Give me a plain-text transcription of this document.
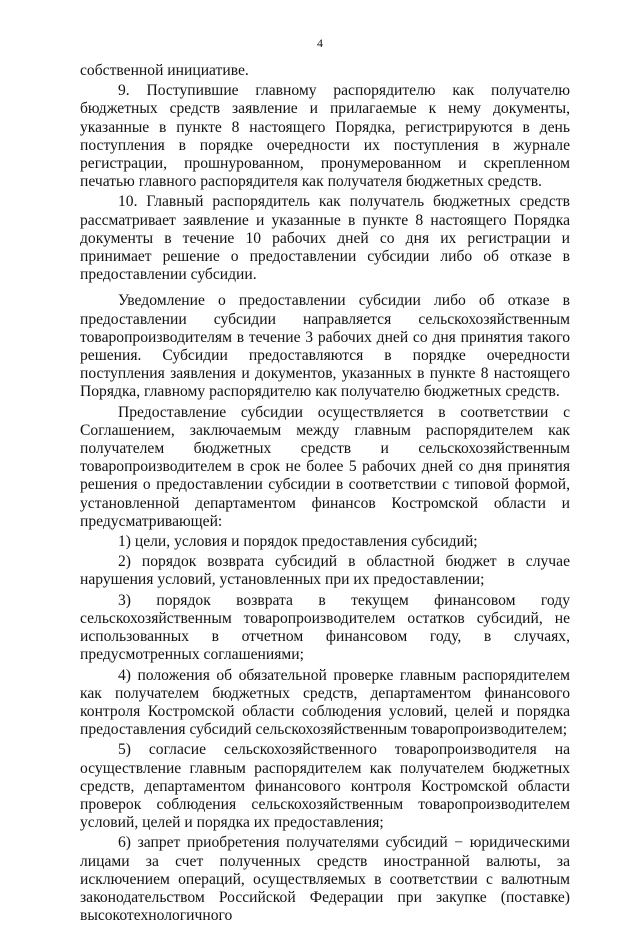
4

собственной инициативе.

9. Поступившие главному распорядителю как получателю бюджетных средств заявление и прилагаемые к нему документы, указанные в пункте 8 настоящего Порядка, регистрируются в день поступления в порядке очередности их поступления в журнале регистрации, прошнурованном, пронумерованном и скрепленном печатью главного распорядителя как получателя бюджетных средств.

10. Главный распорядитель как получатель бюджетных средств рассматривает заявление и указанные в пункте 8 настоящего Порядка документы в течение 10 рабочих дней со дня их регистрации и принимает решение о предоставлении субсидии либо об отказе в предоставлении субсидии.

Уведомление о предоставлении субсидии либо об отказе в предоставлении субсидии направляется сельскохозяйственным товаропроизводителям в течение 3 рабочих дней со дня принятия такого решения. Субсидии предоставляются в порядке очередности поступления заявления и документов, указанных в пункте 8 настоящего Порядка, главному распорядителю как получателю бюджетных средств.

Предоставление субсидии осуществляется в соответствии с Соглашением, заключаемым между главным распорядителем как получателем бюджетных средств и сельскохозяйственным товаропроизводителем в срок не более 5 рабочих дней со дня принятия решения о предоставлении субсидии в соответствии с типовой формой, установленной департаментом финансов Костромской области и предусматривающей:

1) цели, условия и порядок предоставления субсидий;

2) порядок возврата субсидий в областной бюджет в случае нарушения условий, установленных при их предоставлении;

3) порядок возврата в текущем финансовом году сельскохозяйственным товаропроизводителем остатков субсидий, не использованных в отчетном финансовом году, в случаях, предусмотренных соглашениями;

4) положения об обязательной проверке главным распорядителем как получателем бюджетных средств, департаментом финансового контроля Костромской области соблюдения условий, целей и порядка предоставления субсидий сельскохозяйственным товаропроизводителем;

5) согласие сельскохозяйственного товаропроизводителя на осуществление главным распорядителем как получателем бюджетных средств, департаментом финансового контроля Костромской области проверок соблюдения сельскохозяйственным товаропроизводителем условий, целей и порядка их предоставления;

6) запрет приобретения получателями субсидий − юридическими лицами за счет полученных средств иностранной валюты, за исключением операций, осуществляемых в соответствии с валютным законодательством Российской Федерации при закупке (поставке) высокотехнологичного
